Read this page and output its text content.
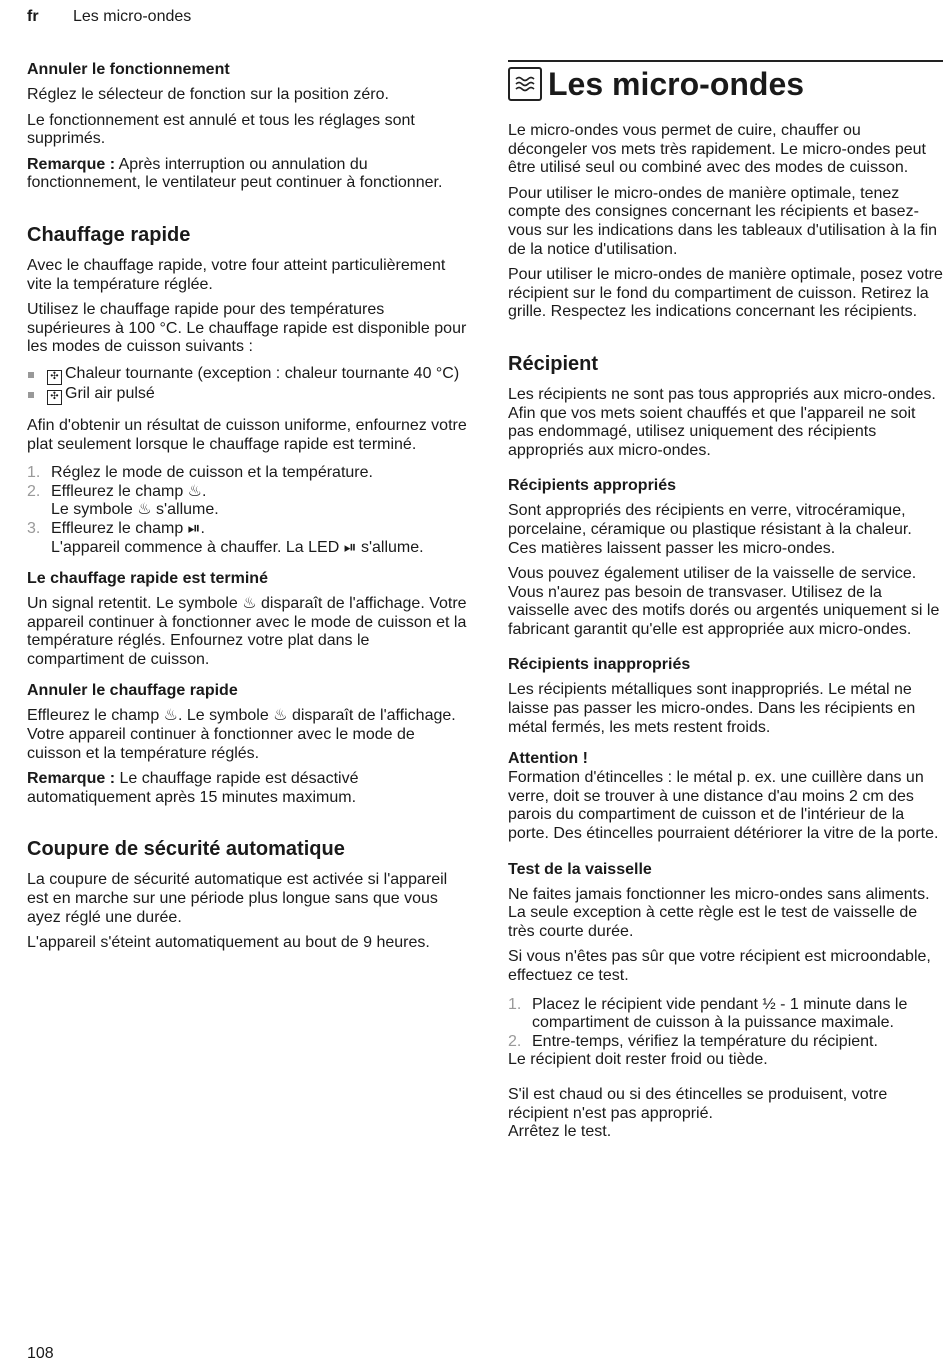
fr Les micro-ondes
Annuler le fonctionnement

Réglez le sélecteur de fonction sur la position zéro.

Le fonctionnement est annulé et tous les réglages sont supprimés.

Remarque : Après interruption ou annulation du fonctionnement, le ventilateur peut continuer à fonctionner.

Chauffage rapide

Avec le chauffage rapide, votre four atteint particulièrement vite la température réglée.

Utilisez le chauffage rapide pour des températures supérieures à 100 °C. Le chauffage rapide est disponible pour les modes de cuisson suivants :

✣ Chaleur tournante (exception : chaleur tournante 40 °C)
✣ Gril air pulsé

Afin d'obtenir un résultat de cuisson uniforme, enfournez votre plat seulement lorsque le chauffage rapide est terminé.

1. Réglez le mode de cuisson et la température.
2. Effleurez le champ ♨.
Le symbole ♨ s'allume.
3. Effleurez le champ ⏯.
L'appareil commence à chauffer. La LED ⏯ s'allume.
Le chauffage rapide est terminé

Un signal retentit. Le symbole ♨ disparaît de l'affichage. Votre appareil continuer à fonctionner avec le mode de cuisson et la température réglés. Enfournez votre plat dans le compartiment de cuisson.

Annuler le chauffage rapide

Effleurez le champ ♨. Le symbole ♨ disparaît de l'affichage. Votre appareil continuer à fonctionner avec le mode de cuisson et la température réglés.

Remarque : Le chauffage rapide est désactivé automatiquement après 15 minutes maximum.

Coupure de sécurité automatique

La coupure de sécurité automatique est activée si l'appareil est en marche sur une période plus longue sans que vous ayez réglé une durée.

L'appareil s'éteint automatiquement au bout de 9 heures.

Les micro-ondes

Le micro-ondes vous permet de cuire, chauffer ou décongeler vos mets très rapidement. Le micro-ondes peut être utilisé seul ou combiné avec des modes de cuisson.

Pour utiliser le micro-ondes de manière optimale, tenez compte des consignes concernant les récipients et basez-vous sur les indications dans les tableaux d'utilisation à la fin de la notice d'utilisation.

Pour utiliser le micro-ondes de manière optimale, posez votre récipient sur le fond du compartiment de cuisson. Retirez la grille. Respectez les indications concernant les récipients.

Récipient

Les récipients ne sont pas tous appropriés aux micro-ondes. Afin que vos mets soient chauffés et que l'appareil ne soit pas endommagé, utilisez uniquement des récipients appropriés aux micro-ondes.

Récipients appropriés

Sont appropriés des récipients en verre, vitrocéramique, porcelaine, céramique ou plastique résistant à la chaleur. Ces matières laissent passer les micro-ondes.

Vous pouvez également utiliser de la vaisselle de service. Vous n'aurez pas besoin de transvaser. Utilisez de la vaisselle avec des motifs dorés ou argentés uniquement si le fabricant garantit qu'elle est appropriée aux micro-ondes.

Récipients inappropriés

Les récipients métalliques sont inappropriés. Le métal ne laisse pas passer les micro-ondes. Dans les récipients en métal fermés, les mets restent froids.

Attention !

Formation d'étincelles : le métal p. ex. une cuillère dans un verre, doit se trouver à une distance d'au moins 2 cm des parois du compartiment de cuisson et de l'intérieur de la porte. Des étincelles pourraient détériorer la vitre de la porte.

Test de la vaisselle

Ne faites jamais fonctionner les micro-ondes sans aliments. La seule exception à cette règle est le test de vaisselle de très courte durée.

Si vous n'êtes pas sûr que votre récipient est microondable, effectuez ce test.

1. Placez le récipient vide pendant ½ - 1 minute dans le compartiment de cuisson à la puissance maximale.
2. Entre-temps, vérifiez la température du récipient.

Le récipient doit rester froid ou tiède.

S'il est chaud ou si des étincelles se produisent, votre récipient n'est pas approprié.

Arrêtez le test.

108
